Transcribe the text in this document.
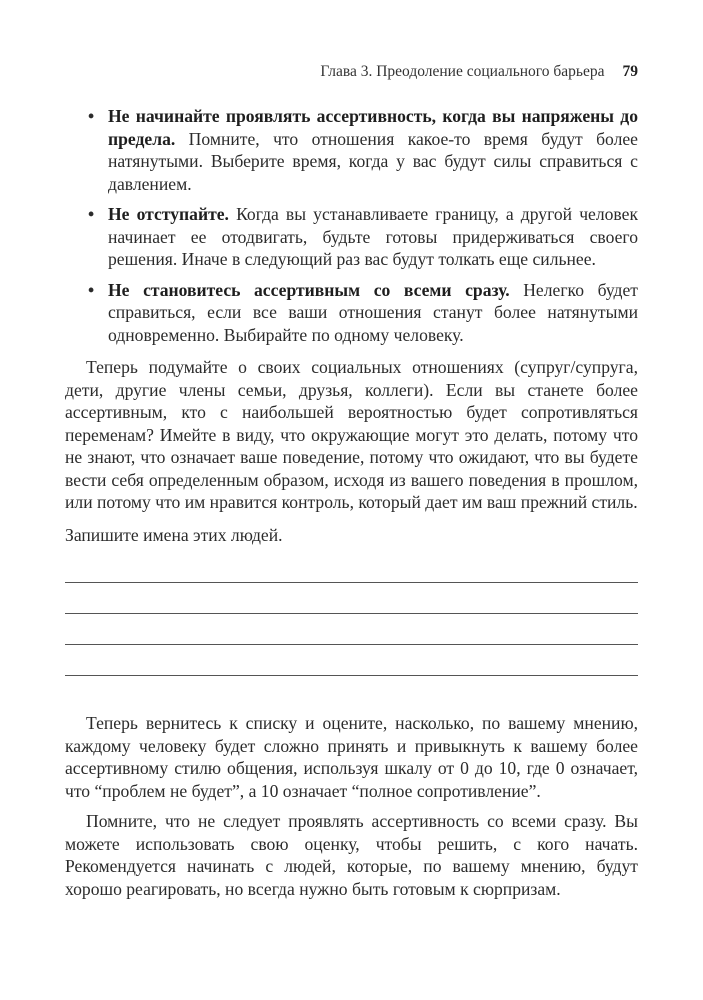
Глава 3. Преодоление социального барьера 79
• Не начинайте проявлять ассертивность, когда вы напряжены до предела. Помните, что отношения какое-то время будут более натянутыми. Выберите время, когда у вас будут силы справиться с давлением.
• Не отступайте. Когда вы устанавливаете границу, а другой человек начинает ее отодвигать, будьте готовы придерживаться своего решения. Иначе в следующий раз вас будут толкать еще сильнее.
• Не становитесь ассертивным со всеми сразу. Нелегко будет справиться, если все ваши отношения станут более натянутыми одновременно. Выбирайте по одному человеку.

Теперь подумайте о своих социальных отношениях (супруг/супруга, дети, другие члены семьи, друзья, коллеги). Если вы станете более ассертивным, кто с наибольшей вероятностью будет сопротивляться переменам? Имейте в виду, что окружающие могут это делать, потому что не знают, что означает ваше поведение, потому что ожидают, что вы будете вести себя определенным образом, исходя из вашего поведения в прошлом, или потому что им нравится контроль, который дает им ваш прежний стиль.

Запишите имена этих людей.

Теперь вернитесь к списку и оцените, насколько, по вашему мнению, каждому человеку будет сложно принять и привыкнуть к вашему более ассертивному стилю общения, используя шкалу от 0 до 10, где 0 означает, что “проблем не будет”, а 10 означает “полное сопротивление”.

Помните, что не следует проявлять ассертивность со всеми сразу. Вы можете использовать свою оценку, чтобы решить, с кого начать. Рекомендуется начинать с людей, которые, по вашему мнению, будут хорошо реагировать, но всегда нужно быть готовым к сюрпризам.
